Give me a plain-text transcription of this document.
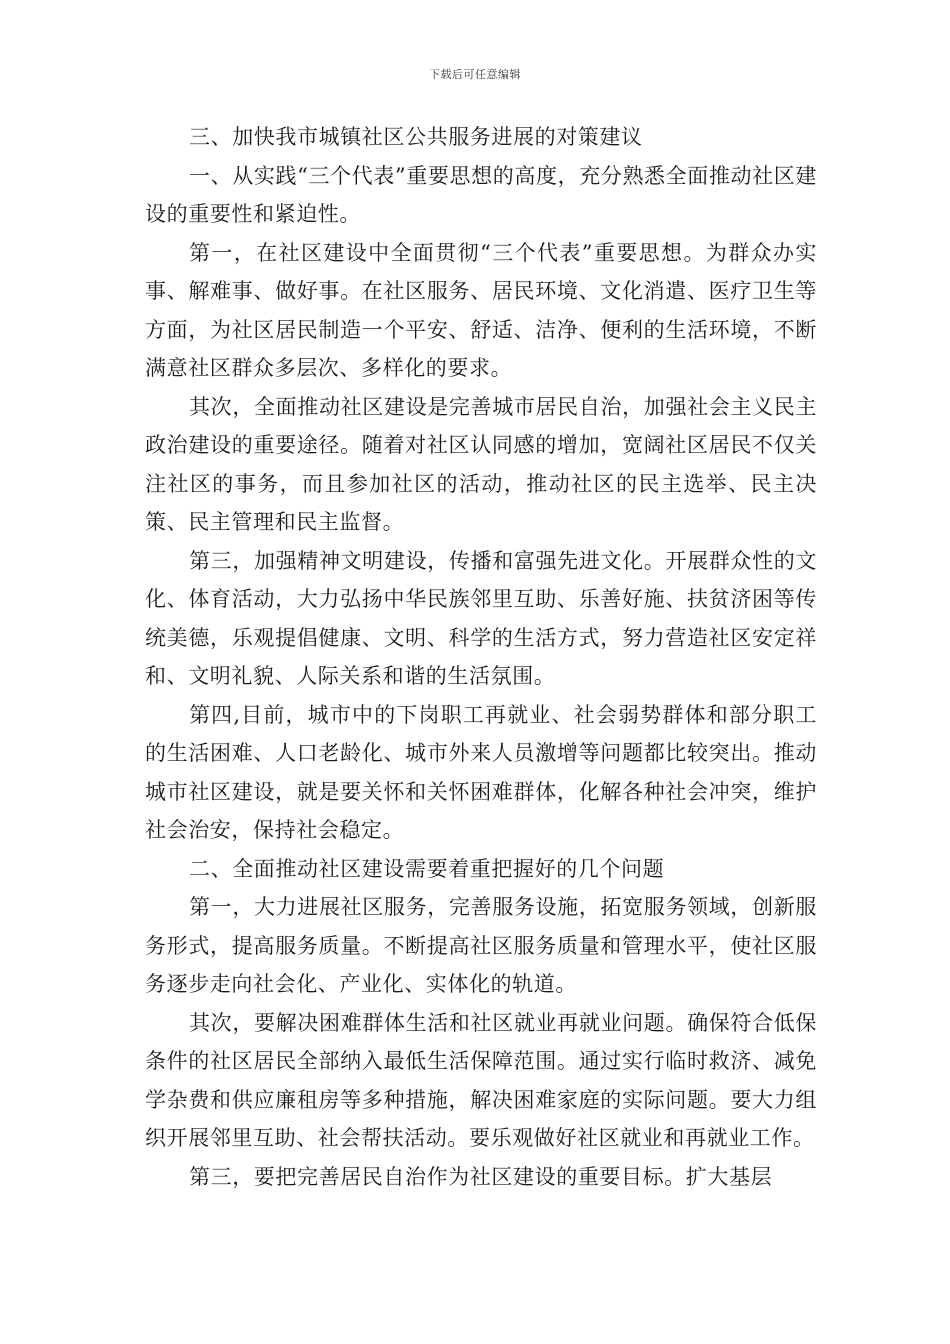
下载后可任意编辑

三、加快我市城镇社区公共服务进展的对策建议

一、从实践“三个代表”重要思想的高度，充分熟悉全面推动社区建设的重要性和紧迫性。

第一，在社区建设中全面贯彻“三个代表”重要思想。为群众办实事、解难事、做好事。在社区服务、居民环境、文化消遣、医疗卫生等方面，为社区居民制造一个平安、舒适、洁净、便利的生活环境，不断满意社区群众多层次、多样化的要求。

其次，全面推动社区建设是完善城市居民自治，加强社会主义民主政治建设的重要途径。随着对社区认同感的增加，宽阔社区居民不仅关注社区的事务，而且参加社区的活动，推动社区的民主选举、民主决策、民主管理和民主监督。

第三，加强精神文明建设，传播和富强先进文化。开展群众性的文化、体育活动，大力弘扬中华民族邻里互助、乐善好施、扶贫济困等传统美德，乐观提倡健康、文明、科学的生活方式，努力营造社区安定祥和、文明礼貌、人际关系和谐的生活氛围。

第四,目前，城市中的下岗职工再就业、社会弱势群体和部分职工的生活困难、人口老龄化、城市外来人员激增等问题都比较突出。推动城市社区建设，就是要关怀和关怀困难群体，化解各种社会冲突，维护社会治安，保持社会稳定。

二、全面推动社区建设需要着重把握好的几个问题

第一，大力进展社区服务，完善服务设施，拓宽服务领域，创新服务形式，提高服务质量。不断提高社区服务质量和管理水平，使社区服务逐步走向社会化、产业化、实体化的轨道。

其次，要解决困难群体生活和社区就业再就业问题。确保符合低保条件的社区居民全部纳入最低生活保障范围。通过实行临时救济、减免学杂费和供应廉租房等多种措施，解决困难家庭的实际问题。要大力组织开展邻里互助、社会帮扶活动。要乐观做好社区就业和再就业工作。

第三，要把完善居民自治作为社区建设的重要目标。扩大基层
